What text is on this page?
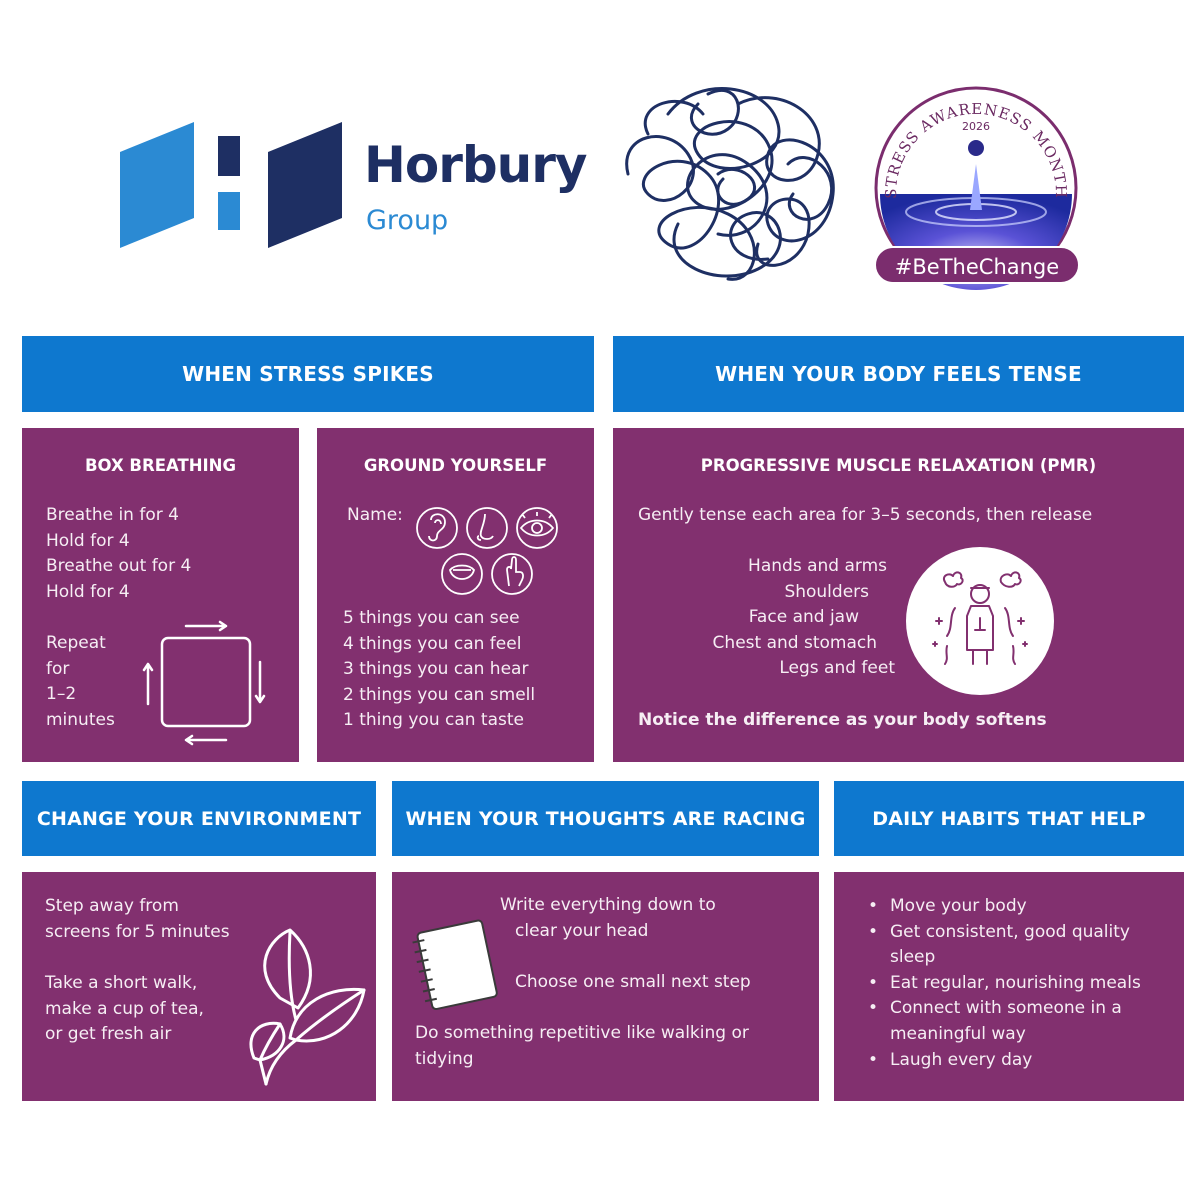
Horbury
Group
STRESS AWARENESS MONTH
2026
#BeTheChange
WHEN STRESS SPIKES	WHEN YOUR BODY FEELS TENSE
BOX BREATHING
Breathe in for 4
Hold for 4
Breathe out for 4
Hold for 4
Repeat
for
1–2
minutes
GROUND YOURSELF
Name:
5 things you can see
4 things you can feel
3 things you can hear
2 things you can smell
1 thing you can taste
PROGRESSIVE MUSCLE RELAXATION (PMR)
Gently tense each area for 3–5 seconds, then release
Hands and arms
Shoulders
Face and jaw
Chest and stomach
Legs and feet
Notice the difference as your body softens
CHANGE YOUR ENVIRONMENT	WHEN YOUR THOUGHTS ARE RACING	DAILY HABITS THAT HELP
Step away from
screens for 5 minutes
Take a short walk,
make a cup of tea,
or get fresh air
Write everything down to
clear your head
Choose one small next step
Do something repetitive like walking or
tidying
• Move your body
• Get consistent, good quality
sleep
• Eat regular, nourishing meals
• Connect with someone in a
meaningful way
• Laugh every day
